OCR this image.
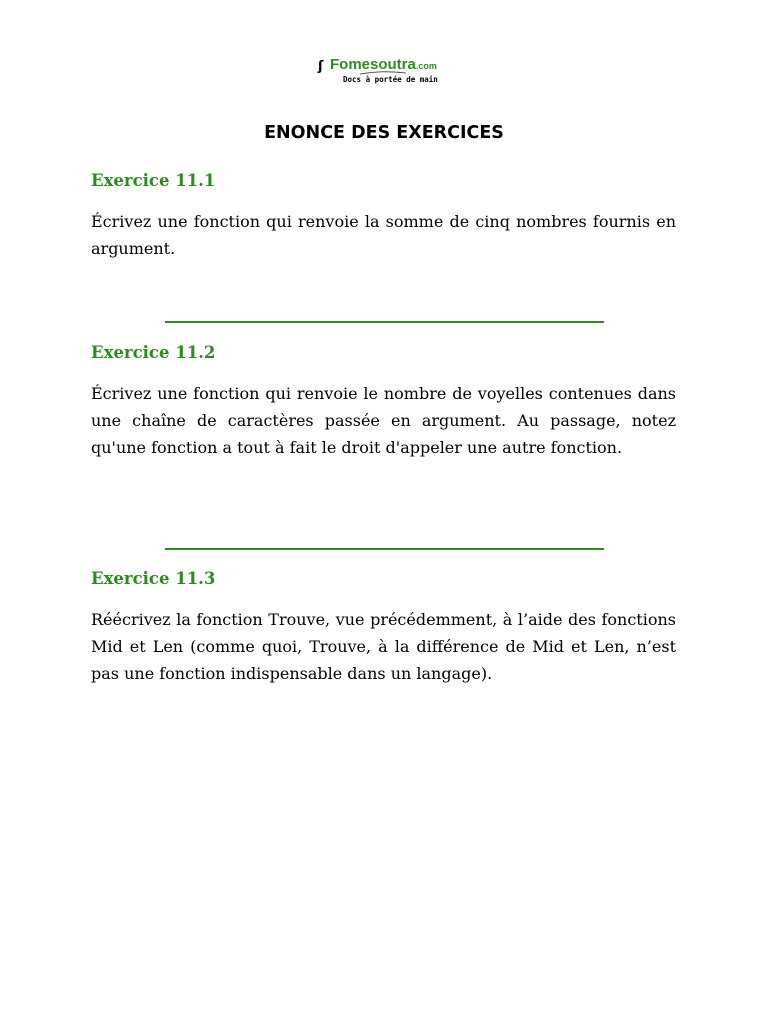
ʃ Fomesoutra.com
Docs à portée de main
ENONCE DES EXERCICES
Exercice 11.1

Écrivez une fonction qui renvoie la somme de cinq nombres fournis en argument.

Exercice 11.2

Écrivez une fonction qui renvoie le nombre de voyelles contenues dans une chaîne de caractères passée en argument. Au passage, notez qu'une fonction a tout à fait le droit d'appeler une autre fonction.

Exercice 11.3

Réécrivez la fonction Trouve, vue précédemment, à l’aide des fonctions Mid et Len (comme quoi, Trouve, à la différence de Mid et Len, n’est pas une fonction indispensable dans un langage).
